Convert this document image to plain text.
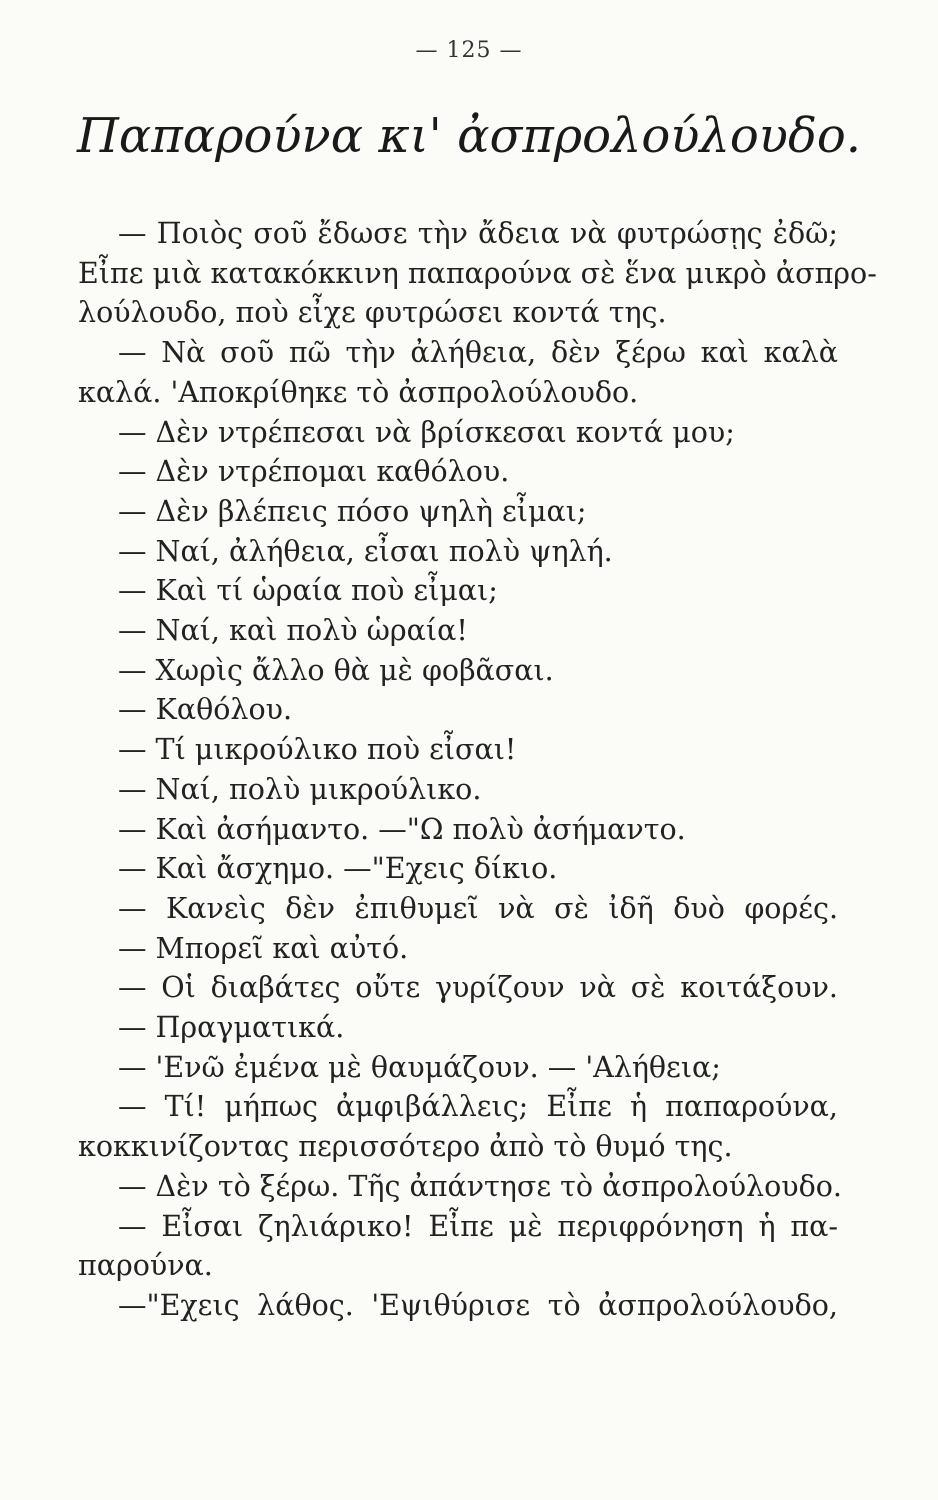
— 125 —
Παπαρούνα κι' ἀσπρολούλουδο.
— Ποιὸς σοῦ ἔδωσε τὴν ἄδεια νὰ φυτρώσῃς ἐδῶ;
Εἶπε μιὰ κατακόκκινη παπαρούνα σὲ ἕνα μικρὸ ἀσπρο-
λούλουδο, ποὺ εἶχε φυτρώσει κοντά της.
— Νὰ σοῦ πῶ τὴν ἀλήθεια, δὲν ξέρω καὶ καλὰ
καλά. 'Αποκρίθηκε τὸ ἀσπρολούλουδο.
— Δὲν ντρέπεσαι νὰ βρίσκεσαι κοντά μου;
— Δὲν ντρέπομαι καθόλου.
— Δὲν βλέπεις πόσο ψηλὴ εἶμαι;
— Ναί, ἀλήθεια, εἶσαι πολὺ ψηλή.
— Καὶ τί ὡραία ποὺ εἶμαι;
— Ναί, καὶ πολὺ ὡραία!
— Χωρὶς ἄλλο θὰ μὲ φοβᾶσαι.
— Καθόλου.
— Τί μικρούλικο ποὺ εἶσαι!
— Ναί, πολὺ μικρούλικο.
— Καὶ ἀσήμαντο. —"Ω πολὺ ἀσήμαντο.
— Καὶ ἄσχημο. —"Εχεις δίκιο.
— Κανεὶς δὲν ἐπιθυμεῖ νὰ σὲ ἰδῆ δυὸ φορές.
— Μπορεῖ καὶ αὐτό.
— Οἱ διαβάτες οὔτε γυρίζουν νὰ σὲ κοιτάξουν.
— Πραγματικά.
— 'Ενῶ ἐμένα μὲ θαυμάζουν. — 'Αλήθεια;
— Τί! μήπως ἀμφιβάλλεις; Εἶπε ἡ παπαρούνα,
κοκκινίζοντας περισσότερο ἀπὸ τὸ θυμό της.
— Δὲν τὸ ξέρω. Τῆς ἀπάντησε τὸ ἀσπρολούλουδο.
— Εἶσαι ζηλιάρικο! Εἶπε μὲ περιφρόνηση ἡ πα-
παρούνα.
—"Εχεις λάθος. 'Εψιθύρισε τὸ ἀσπρολούλουδο,
